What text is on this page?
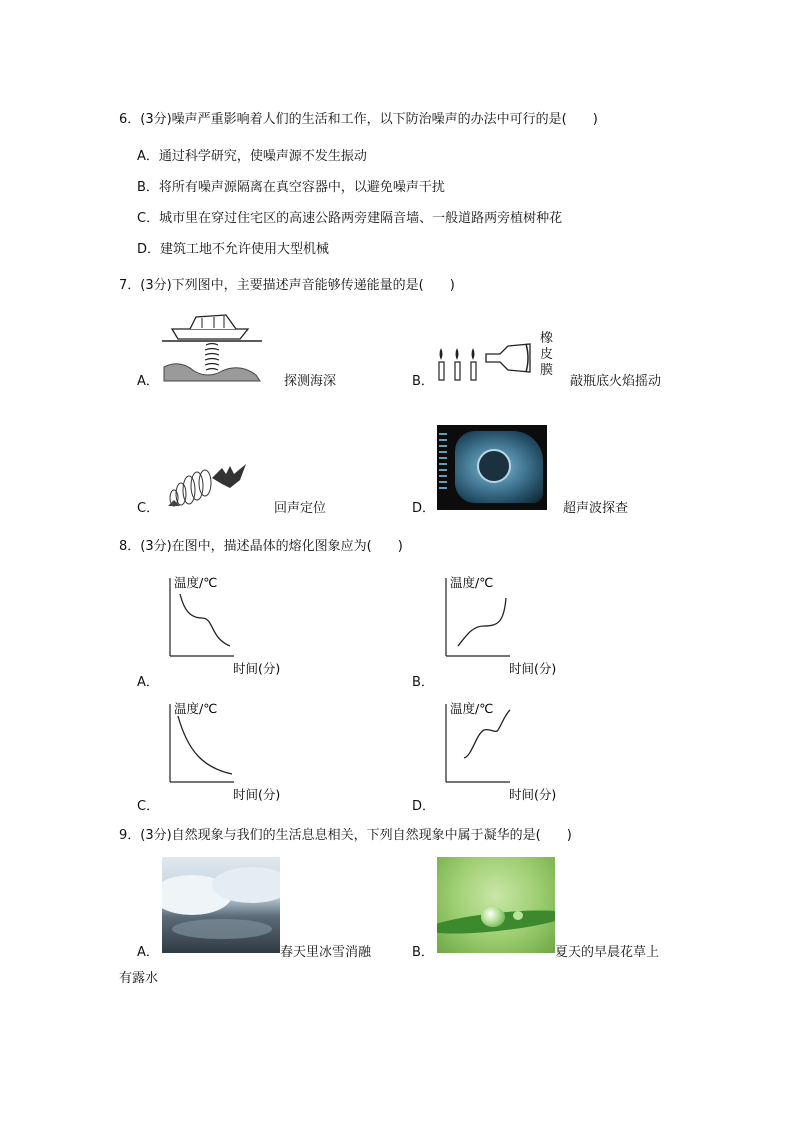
6．(3分)噪声严重影响着人们的生活和工作，以下防治噪声的办法中可行的是(　　)
A．通过科学研究，使噪声源不发生振动
B．将所有噪声源隔离在真空容器中，以避免噪声干扰
C．城市里在穿过住宅区的高速公路两旁建隔音墙、一般道路两旁植树种花
D．建筑工地不允许使用大型机械
7．(3分)下列图中，主要描述声音能够传递能量的是(　　)
A．	探测海深
橡
皮
膜
B．	敲瓶底火焰摇动
C．	回声定位	D．	超声波探查
8．(3分)在图中，描述晶体的熔化图象应为(　　)
温度/℃
时间(分)
A．
温度/℃
时间(分)
B．
温度/℃
时间(分)
C．
温度/℃
时间(分)
D．
9．(3分)自然现象与我们的生活息息相关，下列自然现象中属于凝华的是(　　)
A．	春天里冰雪消融	B．	夏天的早晨花草上
有露水
